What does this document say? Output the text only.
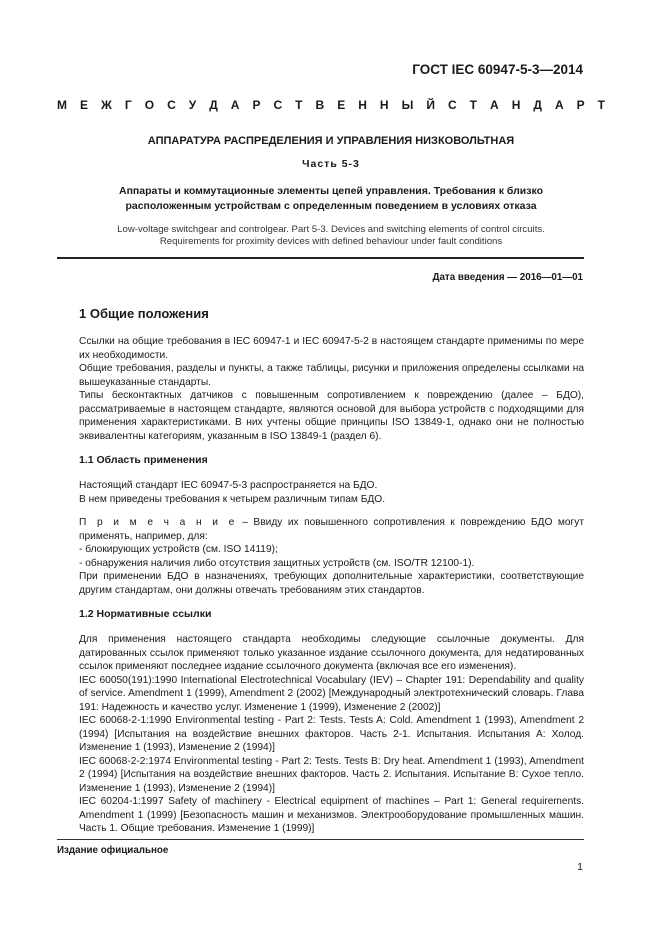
ГОСТ IEC 60947-5-3—2014
М Е Ж Г О С У Д А Р С Т В Е Н Н Ы Й С Т А Н Д А Р Т
АППАРАТУРА РАСПРЕДЕЛЕНИЯ И УПРАВЛЕНИЯ НИЗКОВОЛЬТНАЯ
Часть 5-3
Аппараты и коммутационные элементы цепей управления. Требования к близко
расположенным устройствам с определенным поведением в условиях отказа
Low-voltage switchgear and controlgear. Part 5-3. Devices and switching elements of control circuits.
Requirements for proximity devices with defined behaviour under fault conditions
Дата введения — 2016—01—01
1 Общие положения

Ссылки на общие требования в IEC 60947-1 и IEC 60947-5-2 в настоящем стандарте применимы по мере их необходимости.

Общие требования, разделы и пункты, а также таблицы, рисунки и приложения определены ссылками на вышеуказанные стандарты.

Типы бесконтактных датчиков с повышенным сопротивлением к повреждению (далее – БДО), рассматриваемые в настоящем стандарте, являются основой для выбора устройств с подходящими для применения характеристиками. В них учтены общие принципы ISO 13849-1, однако они не полностью эквивалентны категориям, указанным в ISO 13849-1 (раздел 6).

1.1 Область применения

Настоящий стандарт IEC 60947-5-3 распространяется на БДО.

В нем приведены требования к четырем различным типам БДО.

П р и м е ч а н и е – Ввиду их повышенного сопротивления к повреждению БДО могут применять, например, для:

- блокирующих устройств (см. ISO 14119);

- обнаружения наличия либо отсутствия защитных устройств (см. ISO/TR 12100-1).

При применении БДО в назначениях, требующих дополнительные характеристики, соответствующие другим стандартам, они должны отвечать требованиям этих стандартов.

1.2 Нормативные ссылки

Для применения настоящего стандарта необходимы следующие ссылочные документы. Для датированных ссылок применяют только указанное издание ссылочного документа, для недатированных ссылок применяют последнее издание ссылочного документа (включая все его изменения).

IEC 60050(191):1990 International Electrotechnical Vocabulary (IEV) – Chapter 191: Dependability and quality of service. Amendment 1 (1999), Amendment 2 (2002) [Международный электротехнический словарь. Глава 191: Надежность и качество услуг. Изменение 1 (1999), Изменение 2 (2002)]

IEC 60068-2-1:1990 Environmental testing - Part 2: Tests. Tests A: Cold. Amendment 1 (1993), Amendment 2 (1994) [Испытания на воздействие внешних факторов. Часть 2-1. Испытания. Испытания А: Холод. Изменение 1 (1993), Изменение 2 (1994)]

IEC 60068-2-2:1974 Environmental testing - Part 2: Tests. Tests B: Dry heat. Amendment 1 (1993), Amendment 2 (1994) [Испытания на воздействие внешних факторов. Часть 2. Испытания. Испытание В: Сухое тепло. Изменение 1 (1993), Изменение 2 (1994)]

IEC 60204-1:1997 Safety of machinery - Electrical equipment of machines – Part 1: General requirements. Amendment 1 (1999) [Безопасность машин и механизмов. Электрооборудование промышленных машин. Часть 1. Общие требования. Изменение 1 (1999)]

Издание официальное
1
